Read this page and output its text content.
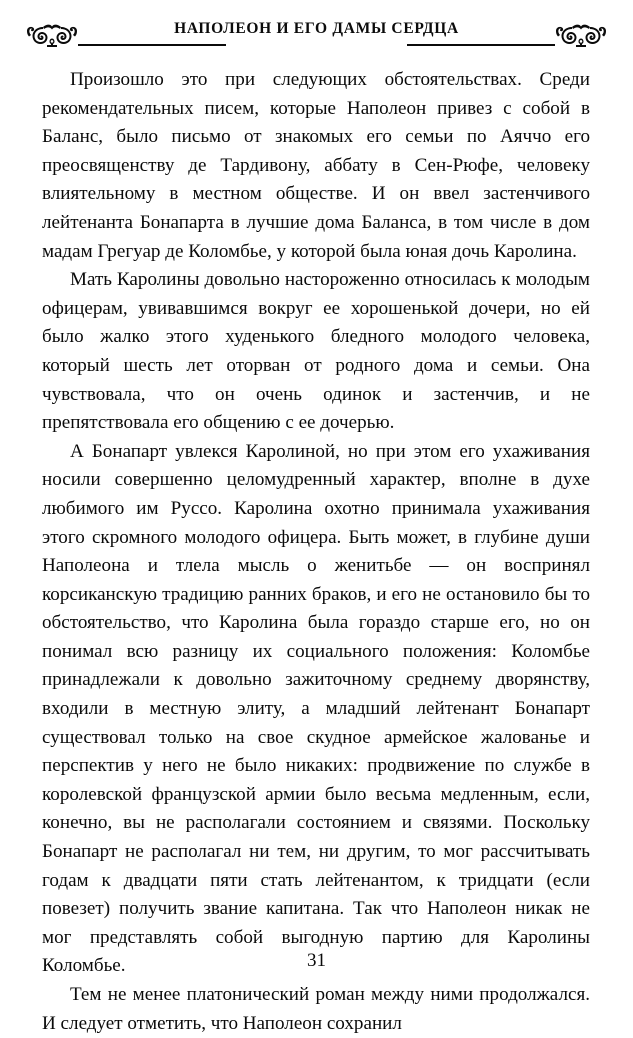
НАПОЛЕОН И ЕГО ДАМЫ СЕРДЦА

Произошло это при следующих обстоятельствах. Среди рекомендательных писем, которые Наполеон привез с собой в Баланс, было письмо от знакомых его семьи по Аяччо его преосвященству де Тардивону, аббату в Сен-Рюфе, человеку влиятельному в местном обществе. И он ввел застенчивого лейтенанта Бонапарта в лучшие дома Баланса, в том числе в дом мадам Грегуар де Коломбье, у которой была юная дочь Каролина.

Мать Каролины довольно настороженно относилась к молодым офицерам, увивавшимся вокруг ее хорошенькой дочери, но ей было жалко этого худенького бледного молодого человека, который шесть лет оторван от родного дома и семьи. Она чувствовала, что он очень одинок и застенчив, и не препятствовала его общению с ее дочерью.

А Бонапарт увлекся Каролиной, но при этом его ухаживания носили совершенно целомудренный характер, вполне в духе любимого им Руссо. Каролина охотно принимала ухаживания этого скромного молодого офицера. Быть может, в глубине души Наполеона и тлела мысль о женитьбе — он воспринял корсиканскую традицию ранних браков, и его не остановило бы то обстоятельство, что Каролина была гораздо старше его, но он понимал всю разницу их социального положения: Коломбье принадлежали к довольно зажиточному среднему дворянству, входили в местную элиту, а младший лейтенант Бонапарт существовал только на свое скудное армейское жалованье и перспектив у него не было никаких: продвижение по службе в королевской французской армии было весьма медленным, если, конечно, вы не располагали состоянием и связями. Поскольку Бонапарт не располагал ни тем, ни другим, то мог рассчитывать годам к двадцати пяти стать лейтенантом, к тридцати (если повезет) получить звание капитана. Так что Наполеон никак не мог представлять собой выгодную партию для Каролины Коломбье.

Тем не менее платонический роман между ними продолжался. И следует отметить, что Наполеон сохранил

31
